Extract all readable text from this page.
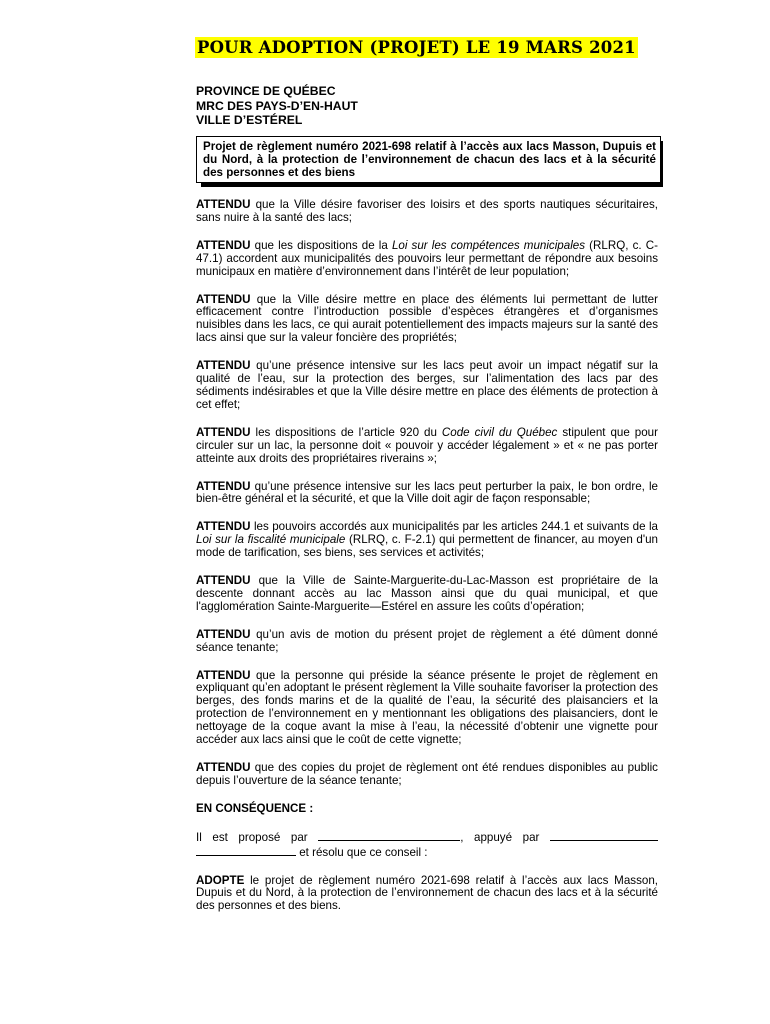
POUR ADOPTION (PROJET) LE 19 MARS 2021
PROVINCE DE QUÉBEC
MRC DES PAYS-D’EN-HAUT
VILLE D’ESTÉREL
Projet de règlement numéro 2021-698 relatif à l’accès aux lacs Masson, Dupuis et du Nord, à la protection de l’environnement de chacun des lacs et à la sécurité des personnes et des biens

ATTENDU que la Ville désire favoriser des loisirs et des sports nautiques sécuritaires, sans nuire à la santé des lacs;

ATTENDU que les dispositions de la Loi sur les compétences municipales (RLRQ, c. C-47.1) accordent aux municipalités des pouvoirs leur permettant de répondre aux besoins municipaux en matière d’environnement dans l’intérêt de leur population;

ATTENDU que la Ville désire mettre en place des éléments lui permettant de lutter efficacement contre l’introduction possible d’espèces étrangères et d’organismes nuisibles dans les lacs, ce qui aurait potentiellement des impacts majeurs sur la santé des lacs ainsi que sur la valeur foncière des propriétés;

ATTENDU qu’une présence intensive sur les lacs peut avoir un impact négatif sur la qualité de l’eau, sur la protection des berges, sur l’alimentation des lacs par des sédiments indésirables et que la Ville désire mettre en place des éléments de protection à cet effet;

ATTENDU les dispositions de l’article 920 du Code civil du Québec stipulent que pour circuler sur un lac, la personne doit « pouvoir y accéder légalement » et « ne pas porter atteinte aux droits des propriétaires riverains »;

ATTENDU qu’une présence intensive sur les lacs peut perturber la paix, le bon ordre, le bien-être général et la sécurité, et que la Ville doit agir de façon responsable;

ATTENDU les pouvoirs accordés aux municipalités par les articles 244.1 et suivants de la Loi sur la fiscalité municipale (RLRQ, c. F-2.1) qui permettent de financer, au moyen d'un mode de tarification, ses biens, ses services et activités;

ATTENDU que la Ville de Sainte-Marguerite-du-Lac-Masson est propriétaire de la descente donnant accès au lac Masson ainsi que du quai municipal, et que l'agglomération Sainte-Marguerite—Estérel en assure les coûts d’opération;

ATTENDU qu’un avis de motion du présent projet de règlement a été dûment donné séance tenante;

ATTENDU que la personne qui préside la séance présente le projet de règlement en expliquant qu’en adoptant le présent règlement la Ville souhaite favoriser la protection des berges, des fonds marins et de la qualité de l’eau, la sécurité des plaisanciers et la protection de l’environnement en y mentionnant les obligations des plaisanciers, dont le nettoyage de la coque avant la mise à l’eau, la nécessité d’obtenir une vignette pour accéder aux lacs ainsi que le coût de cette vignette;

ATTENDU que des copies du projet de règlement ont été rendues disponibles au public depuis l’ouverture de la séance tenante;

EN CONSÉQUENCE :

Il est proposé par	, appuyé par   et résolu que ce conseil :

ADOPTE le projet de règlement numéro 2021-698 relatif à l’accès aux lacs Masson, Dupuis et du Nord, à la protection de l’environnement de chacun des lacs et à la sécurité des personnes et des biens.
